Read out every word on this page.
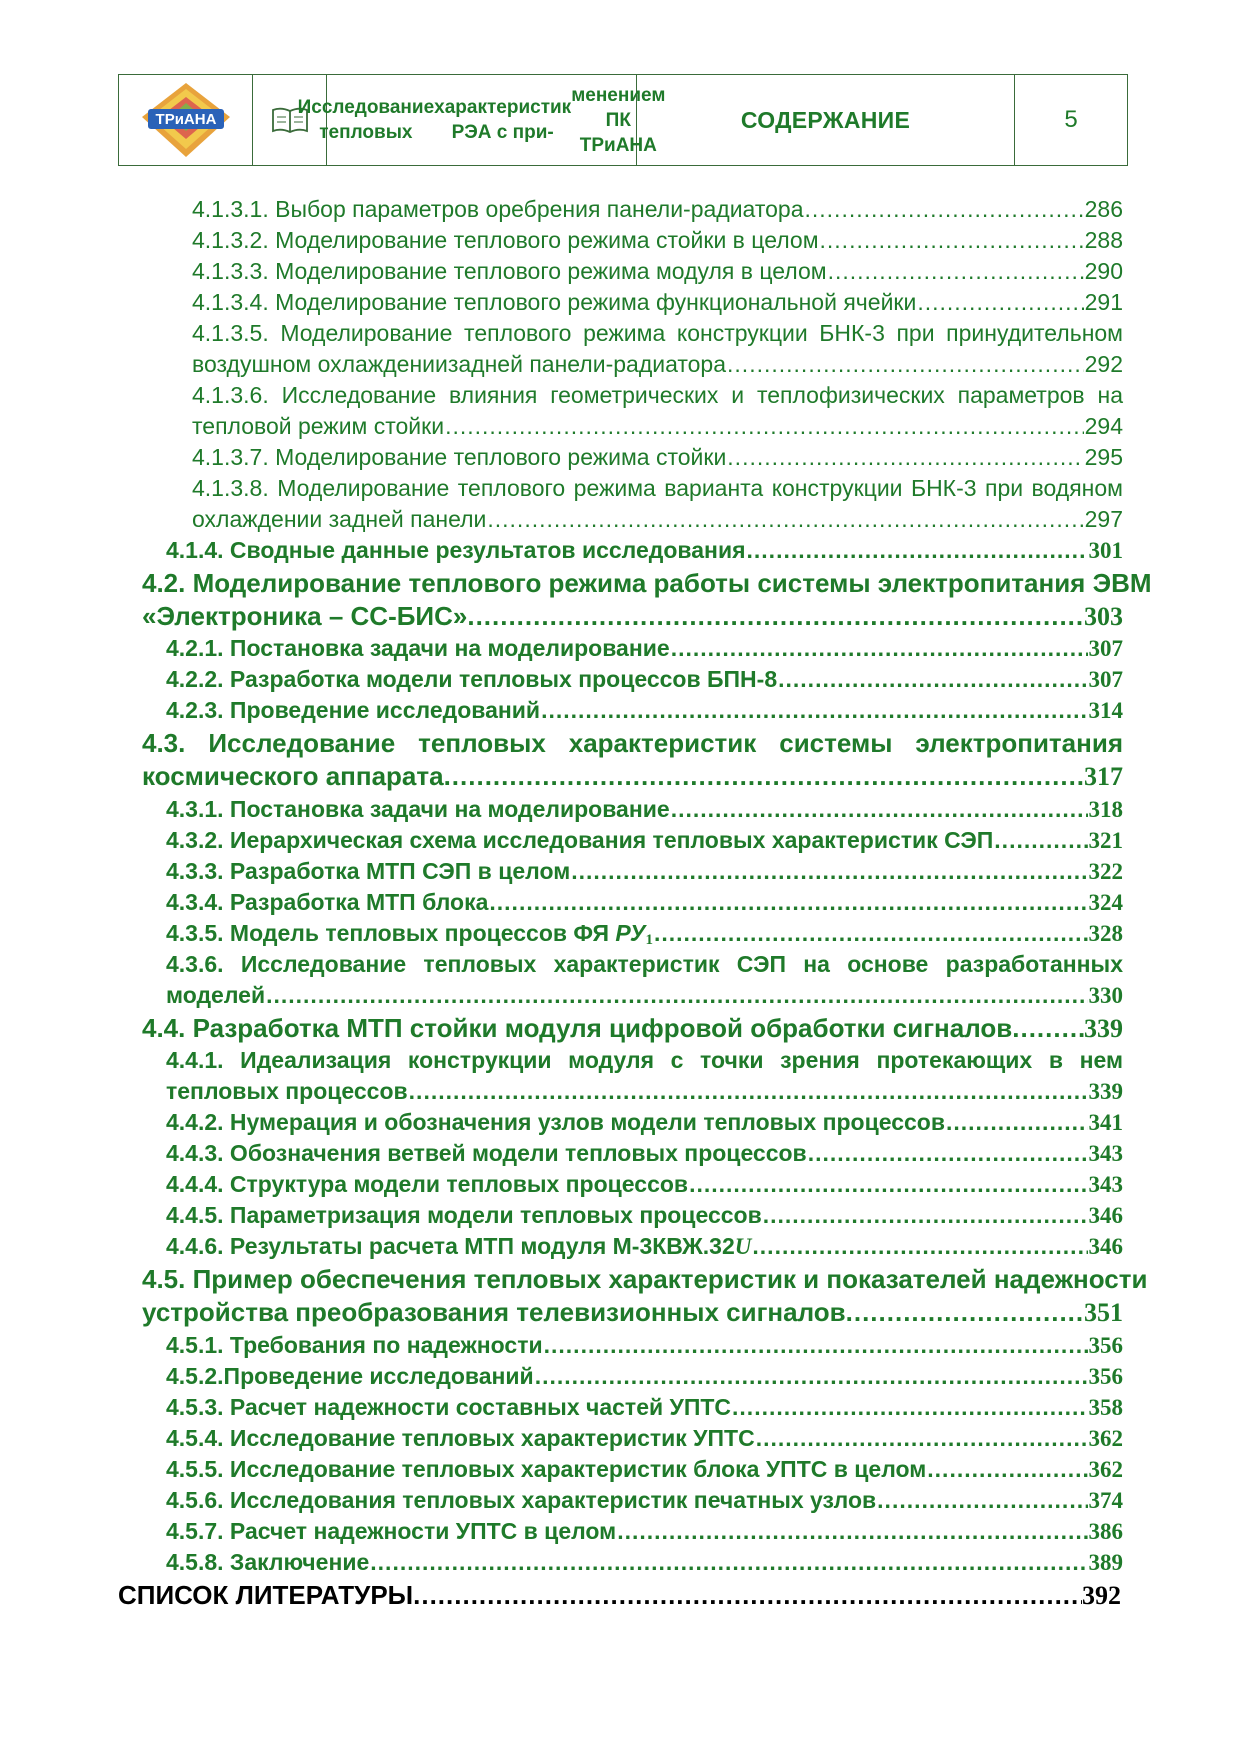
ТРиАНА
Исследование тепловых

характеристик РЭА с при-

менением ПК ТРиАНА
СОДЕРЖАНИЕ	5
4.1.3.1. Выбор параметров оребрения панели-радиатора .....	286
4.1.3.2. Моделирование теплового режима стойки в целом .....	288
4.1.3.3. Моделирование теплового режима модуля в целом .....	290
4.1.3.4. Моделирование теплового режима функциональной ячейки .....	291
4.1.3.5. Моделирование теплового режима конструкции БНК-3 при принудительном
воздушном охлаждениизадней панели-радиатора .....	292
4.1.3.6. Исследование влияния геометрических и теплофизических параметров на
тепловой режим стойки .....	294
4.1.3.7. Моделирование теплового режима стойки .....	295
4.1.3.8. Моделирование теплового режима варианта конструкции БНК-3 при водяном
охлаждении задней панели .....	297
4.1.4. Сводные данные результатов исследования .....	301
4.2. Моделирование теплового режима работы системы электропитания ЭВМ
«Электроника – СС-БИС» .....	303
4.2.1. Постановка задачи на моделирование .....	307
4.2.2. Разработка модели тепловых процессов БПН-8 .....	307
4.2.3. Проведение исследований .....	314
4.3. Исследование тепловых характеристик системы электропитания
космического аппарата .....	317
4.3.1. Постановка задачи на моделирование .....	318
4.3.2. Иерархическая схема исследования тепловых характеристик СЭП .....	321
4.3.3. Разработка МТП СЭП в целом .....	322
4.3.4. Разработка МТП блока .....	324
4.3.5. Модель тепловых процессов ФЯ $РУ_1$ .....	328
4.3.6. Исследование тепловых характеристик СЭП на основе разработанных
моделей .....	330
4.4. Разработка МТП стойки модуля цифровой обработки сигналов .....	339
4.4.1. Идеализация конструкции модуля с точки зрения протекающих в нем
тепловых процессов .....	339
4.4.2. Нумерация и обозначения узлов модели тепловых процессов .....	341
4.4.3. Обозначения ветвей модели тепловых процессов .....	343
4.4.4. Структура модели тепловых процессов .....	343
4.4.5. Параметризация модели тепловых процессов .....	346
4.4.6. Результаты расчета МТП модуля М-3КВЖ.32U .....	346
4.5. Пример обеспечения тепловых характеристик и показателей надежности
устройства преобразования телевизионных сигналов .....	351
4.5.1. Требования по надежности .....	356
4.5.2.Проведение исследований .....	356
4.5.3. Расчет надежности составных частей УПТС .....	358
4.5.4. Исследование тепловых характеристик УПТС .....	362
4.5.5. Исследование тепловых характеристик блока УПТС в целом .....	362
4.5.6. Исследования тепловых характеристик печатных узлов .....	374
4.5.7. Расчет надежности УПТС в целом .....	386
4.5.8. Заключение .....	389
СПИСОК ЛИТЕРАТУРЫ .....	392
